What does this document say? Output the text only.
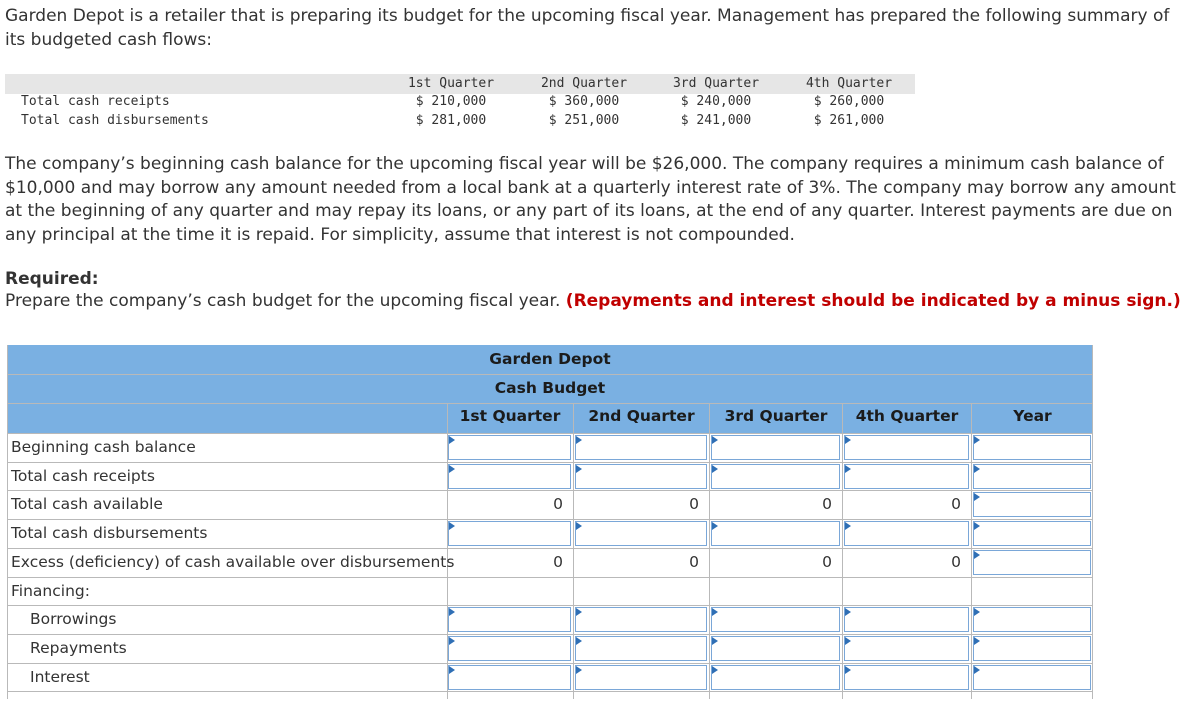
Garden Depot is a retailer that is preparing its budget for the upcoming fiscal year. Management has prepared the following summary of its budgeted cash flows:
1st Quarter	2nd Quarter	3rd Quarter	4th Quarter
Total cash receipts	$ 210,000	$ 360,000	$ 240,000	$ 260,000
Total cash disbursements	$ 281,000	$ 251,000	$ 241,000	$ 261,000
The company’s beginning cash balance for the upcoming fiscal year will be $26,000. The company requires a minimum cash balance of $10,000 and may borrow any amount needed from a local bank at a quarterly interest rate of 3%. The company may borrow any amount at the beginning of any quarter and may repay its loans, or any part of its loans, at the end of any quarter. Interest payments are due on any principal at the time it is repaid. For simplicity, assume that interest is not compounded.
Required:
Prepare the company’s cash budget for the upcoming fiscal year. (Repayments and interest should be indicated by a minus sign.)
Garden Depot
Cash Budget
1st Quarter	2nd Quarter	3rd Quarter	4th Quarter	Year
Beginning cash balance
Total cash receipts
Total cash available	0	0	0	0
Total cash disbursements
Excess (deficiency) of cash available over disbursements	0	0	0	0
Financing:
Borrowings
Repayments
Interest
